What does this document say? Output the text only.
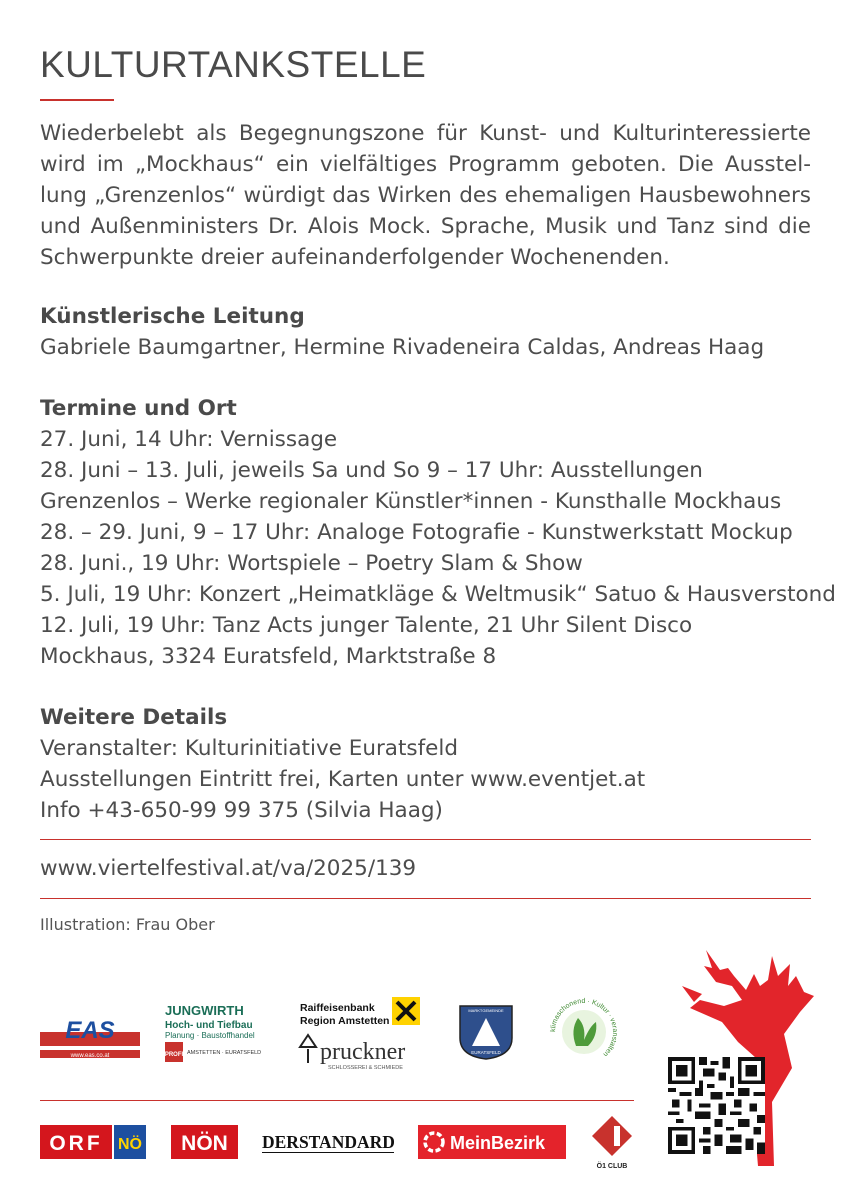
KULTURTANKSTELLE
Wiederbelebt als Begegnungszone für Kunst- und Kulturinteressierte wird im „Mockhaus“ ein vielfältiges Programm geboten. Die Ausstel-lung „Grenzenlos“ würdigt das Wirken des ehemaligen Hausbewohners und Außenministers Dr. Alois Mock. Sprache, Musik und Tanz sind die Schwerpunkte dreier aufeinanderfolgender Wochenenden.
Künstlerische Leitung
Gabriele Baumgartner, Hermine Rivadeneira Caldas, Andreas Haag
Termine und Ort
27. Juni, 14 Uhr: Vernissage
28. Juni – 13. Juli, jeweils Sa und So 9 – 17 Uhr: Ausstellungen
Grenzenlos – Werke regionaler Künstler*innen - Kunsthalle Mockhaus
28. – 29. Juni, 9 – 17 Uhr: Analoge Fotografie - Kunstwerkstatt Mockup
28. Juni., 19 Uhr: Wortspiele – Poetry Slam & Show
5. Juli, 19 Uhr: Konzert „Heimatkläge & Weltmusik“ Satuo & Hausverstond
12. Juli, 19 Uhr: Tanz Acts junger Talente, 21 Uhr Silent Disco
Mockhaus, 3324 Euratsfeld, Marktstraße 8
Weitere Details
Veranstalter: Kulturinitiative Euratsfeld
Ausstellungen Eintritt frei, Karten unter www.eventjet.at
Info +43-650-99 99 375 (Silvia Haag)
www.viertelfestival.at/va/2025/139
Illustration: Frau Ober
EAS
www.eas.co.at
JUNGWIRTH
Hoch- und Tiefbau
Planung · Baustoffhandel
PROFI AMSTETTEN · EURATSFELD
Raiffeisenbank
Region Amstetten
pruckner
SCHLOSSEREI & SCHMIEDE
MARKTGEMEINDE
EURATSFELD
klimaschonend · Kultur · veranstalten
ORF NÖ NÖN DERSTANDARD	MeinBezirk
Ö1 CLUB
